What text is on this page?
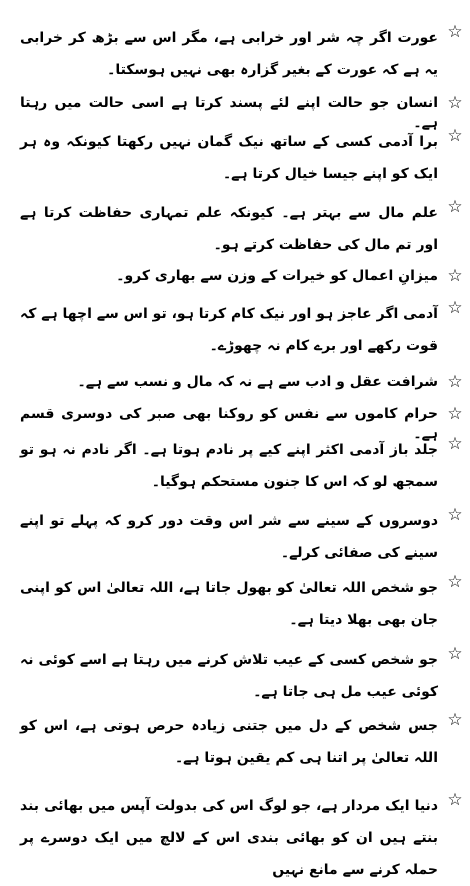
☆
عورت اگر چہ شر اور خرابی ہے، مگر اس سے بڑھ کر خرابی یہ ہے کہ عورت کے بغیر گزارہ بھی نہیں ہوسکتا۔
☆
انسان جو حالت اپنے لئے پسند کرتا ہے اسی حالت میں رہتا ہے۔
☆
برا آدمی کسی کے ساتھ نیک گمان نہیں رکھتا کیونکہ وہ ہر ایک کو اپنے جیسا خیال کرتا ہے۔
☆
علم مال سے بہتر ہے۔ کیونکہ علم تمہاری حفاظت کرتا ہے اور تم مال کی حفاظت کرتے ہو۔
☆
میزانِ اعمال کو خیرات کے وزن سے بھاری کرو۔
☆
آدمی اگر عاجز ہو اور نیک کام کرتا ہو، تو اس سے اچھا ہے کہ قوت رکھے اور برے کام نہ چھوڑے۔
☆
شرافت عقل و ادب سے ہے نہ کہ مال و نسب سے ہے۔
☆
حرام کاموں سے نفس کو روکنا بھی صبر کی دوسری قسم ہے۔ ☆
جلد باز آدمی اکثر اپنے کیے پر نادم ہوتا ہے۔ اگر نادم نہ ہو تو سمجھ لو کہ اس کا جنون مستحکم ہوگیا۔
☆
دوسروں کے سینے سے شر اس وقت دور کرو کہ پہلے تو اپنے سینے کی صفائی کرلے۔
☆
جو شخص اللہ تعالیٰ کو بھول جاتا ہے، اللہ تعالیٰ اس کو اپنی جان بھی بھلا دیتا ہے۔
☆
جو شخص کسی کے عیب تلاش کرنے میں رہتا ہے اسے کوئی نہ کوئی عیب مل ہی جاتا ہے۔
☆
جس شخص کے دل میں جتنی زیادہ حرص ہوتی ہے، اس کو اللہ تعالیٰ پر اتنا ہی کم یقین ہوتا ہے۔
☆
دنیا ایک مردار ہے، جو لوگ اس کی بدولت آپس میں بھائی بند بنتے ہیں ان کو بھائی بندی اس کے لالچ میں ایک دوسرے پر حملہ کرنے سے مانع نہیں
